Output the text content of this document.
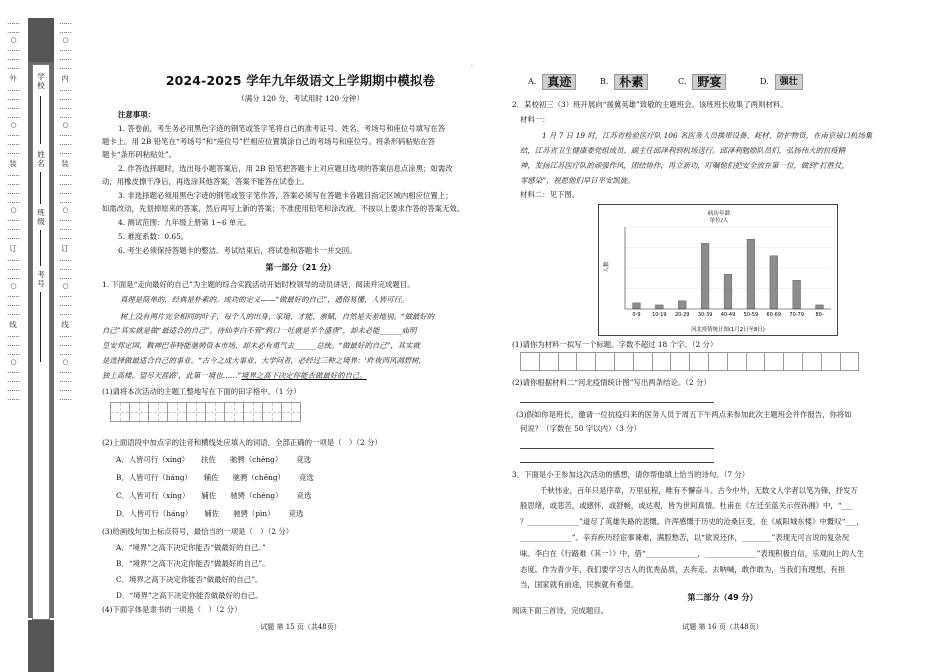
……
……
○
……
……
……
外
……
……
……
……
○
……
……
……
装
……
……
……
……
○
……
……
……
订
……
……
……
○
……
……
……
线
……
……
……
○
……
……
……
……
学校
姓名
班级
考号
……
……
○
……
……
……
内
……
……
……
……
○
……
……
……
装
……
……
……
……
○
……
……
……
订
……
……
……
○
……
……
……
线
……
……
……
○
……
……
……
……
·
2024-2025 学年九年级语文上学期期中模拟卷
（满分 120 分，考试用时 120 分钟）
注意事项：
1. 答卷前，考生务必用黑色字迹的钢笔或签字笔将自己的准考证号、姓名、考场号和座位号填写在答
题卡上。用 2B 铅笔在“考场号”和“座位号”栏相应位置填涂自己的考场号和座位号。将条形码粘贴在答
题卡“条形码粘贴处”。
2. 作答选择题时，选出每小题答案后，用 2B 铅笔把答题卡上对应题目选项的答案信息点涂黑；如需改
动，用橡皮擦干净后，再选涂其他答案，答案不能答在试卷上。
3. 非选择题必须用黑色字迹的钢笔或签字笔作答，答案必须写在答题卡各题目指定区域内相应位置上；
如需改动，先划掉原来的答案，然后再写上新的答案；不准使用铅笔和涂改液。不按以上要求作答的答案无效。
4. 测试范围：九年级上册第 1~6 单元。
5. 难度系数：0.65。
6. 考生必须保持答题卡的整洁。考试结束后，将试卷和答题卡一并交回。
第一部分（21 分）
1. 下面是“走向最好的自己”为主题的综合实践活动开始时校领导的动员讲话，阅读并完成题目。
真理是简单的，经典是朴素的。成功的定义——“做最好的自己”，通俗易懂，人皆可行。
树上没有两片完全相同的叶子，每个人的出身、家境、才能、禀赋，自然是天差地别。“做最好的
自己”其实就是做“最适合的自己”。待仙李白不管“鸦口一吐就是半个盛唐”，却未必能______庙明
皇安邦定国，鞍神巴菲特能驰骋资本市场，却未必有勇气去______总统。“做最好的自己”，其实就
是选择做最适合自己的事业。“古今之成大事业、大学问者，必经过三种之境界：‘昨夜西风凋碧树，
独上高楼，望尽天涯路’，此第一境也……”境界之高下决定你能否做最好的自己。
(1)请将本次活动的主题工整地写在下面的田字格中。（1 分）
(2)上面语段中加点字的注音和横线处应填入的词语，全部正确的一项是（　）（2 分）
A．人皆可行（xíng） 扶佐 驰骋（chěng） 竞选
B．人皆可行（háng） 辅佐 驰骋（chěng） 竞选
C．人皆可行（xíng） 辅佐 驰骋（chěng） 竞选
D．人皆可行（háng） 辅佐 驰骋（pìn） 竞选
(3)给画线句加上标点符号，最恰当的一项是（　）（2 分）
A．“境界”之高下决定你能否“做最好的自己。”
B．“境界”之高下决定你能否“做最好的自己”。
C．境界之高下决定你能否“做最好的自己”。
D．“境界”之高下决定你能否做最好的自己。
(4)下面字体是隶书的一项是（　）（2 分）
试题 第 15 页（共48页）
A. 真迹	B. 朴素	C. 野宴	D.	强壮
2．某校初三（3）班开展向“援冀英雄”致敬的主题班会。该班班长收集了两则材料。
材料一：
1 月 7 日 19 时，江苏省检验医疗队 106 名医务人员携带设备、耗材、防护物资，在南京禄口机场集
结，江苏省卫生健康委党组成员、副主任邱泽利到机场送行。邱泽利勉励队员们，弘扬伟大的抗疫精
神，发扬江苏医疗队的顽强作风，团结协作，再立新功，叮嘱他们把安全放在第一位，做到“打胜仗，
零感染”，祝愿他们早日平安凯旋。
材料二：见下图。
病历年龄
单位/人
人数
0-9 10-19 20-29 30-39 40-49 50-59 60-69 70-79 80-
河北疫情统计图(1月2日至8日)
(1)请你为材料一拟写一个标题。字数不超过 18 个字。（2 分）
(2)请你根据材料二“河北疫情统计图”写出两条结论。（2 分）
(3)假如你是班长，邀请一位抗疫归来的医务人员于周五下午两点来参加此次主题班会并作报告，你将如
何说？（字数在 50 字以内）（3 分）
3．下面是小王参加这次活动的感想，请你帮他填上恰当的诗句。（7 分）
千秋伟业，百年只是序章，万里征程，唯有不懈奋斗。古今中外，无数文人学者以笔为锋，抒发万
般思绪，或悲苦，或感怀，或舒畅，或达观，皆为世间真情。杜甫在《左迁至蓝关示侄孙湘》中，“___
？______________”道尽了英雄失路的悲慨。许浑感慨于历史的沧桑巨变，在《咸阳城东楼》中慨叹“___，
______________”。辛弃疾历经宦事谏难，满腔愁苦，以“欲说还休，________”表现无可言说的复杂况
味。李白在《行路难（其一）》中，借“______________，______________”表现积极自信，乐观向上的人生
态度。作为青少年，我们要学习古人的优秀品质，去奔走、去呐喊，敢作敢为，当我们有理想，有担
当，国家就有前途，民族就有希望。
第二部分（49 分）
阅读下面三首诗，完成题目。
试题 第 16 页（共48页）
